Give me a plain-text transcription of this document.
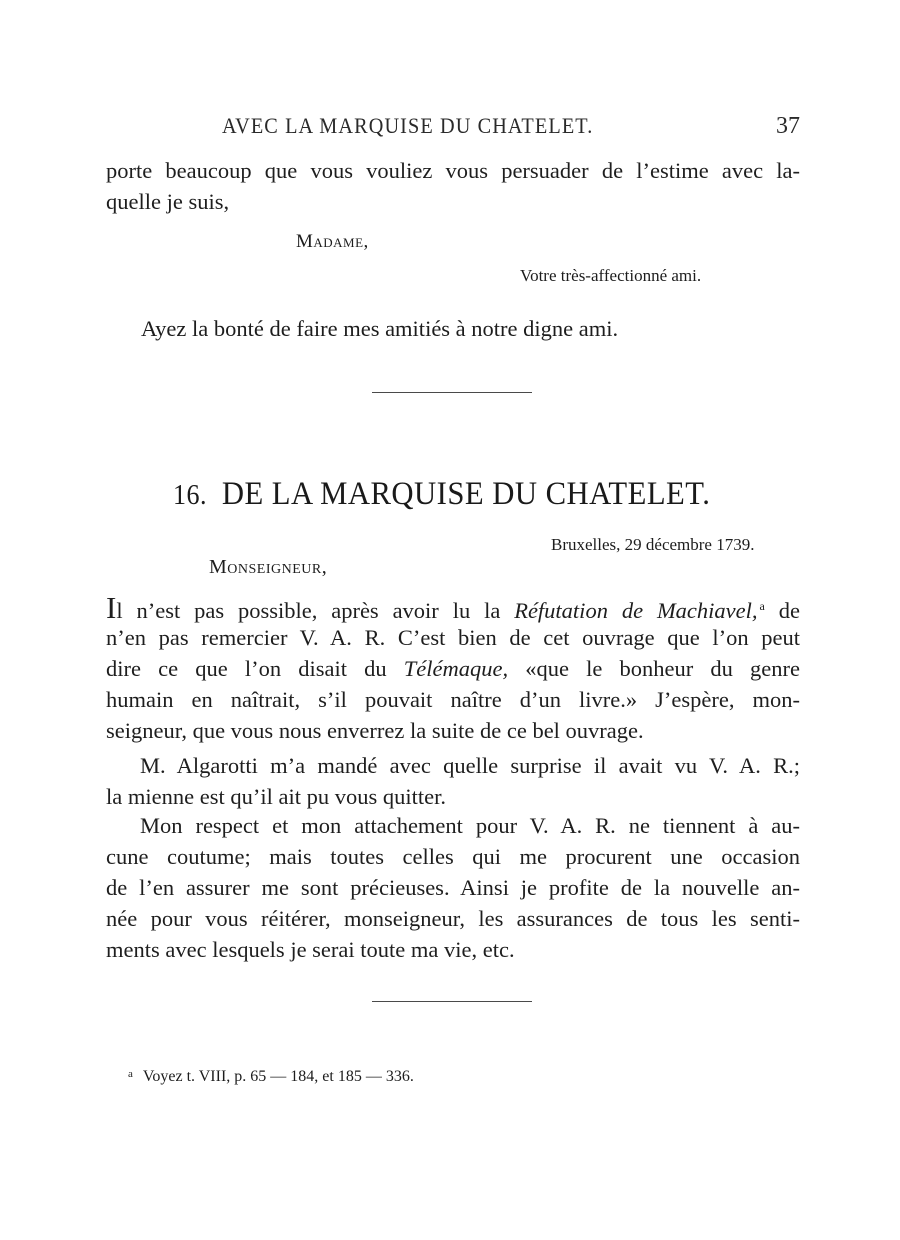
AVEC LA MARQUISE DU CHATELET.	37
porte beaucoup que vous vouliez vous persuader de l’estime avec la-
quelle je suis,
Madame,
Votre très-affectionné ami.
Ayez la bonté de faire mes amitiés à notre digne ami.
16. DE LA MARQUISE DU CHATELET.
Bruxelles, 29 décembre 1739.
Monseigneur,
Il n’est pas possible, après avoir lu la Réfutation de Machiavel, $^a$ de
n’en pas remercier V. A. R. C’est bien de cet ouvrage que l’on peut
dire ce que l’on disait du Télémaque, «que le bonheur du genre
humain en naîtrait, s’il pouvait naître d’un livre.» J’espère, mon-
seigneur, que vous nous enverrez la suite de ce bel ouvrage.
M. Algarotti m’a mandé avec quelle surprise il avait vu V. A. R.;
la mienne est qu’il ait pu vous quitter.
Mon respect et mon attachement pour V. A. R. ne tiennent à au-
cune coutume; mais toutes celles qui me procurent une occasion
de l’en assurer me sont précieuses. Ainsi je profite de la nouvelle an-
née pour vous réitérer, monseigneur, les assurances de tous les senti-
ments avec lesquels je serai toute ma vie, etc.
$^a$ Voyez t. VIII, p. 65 — 184, et 185 — 336.
